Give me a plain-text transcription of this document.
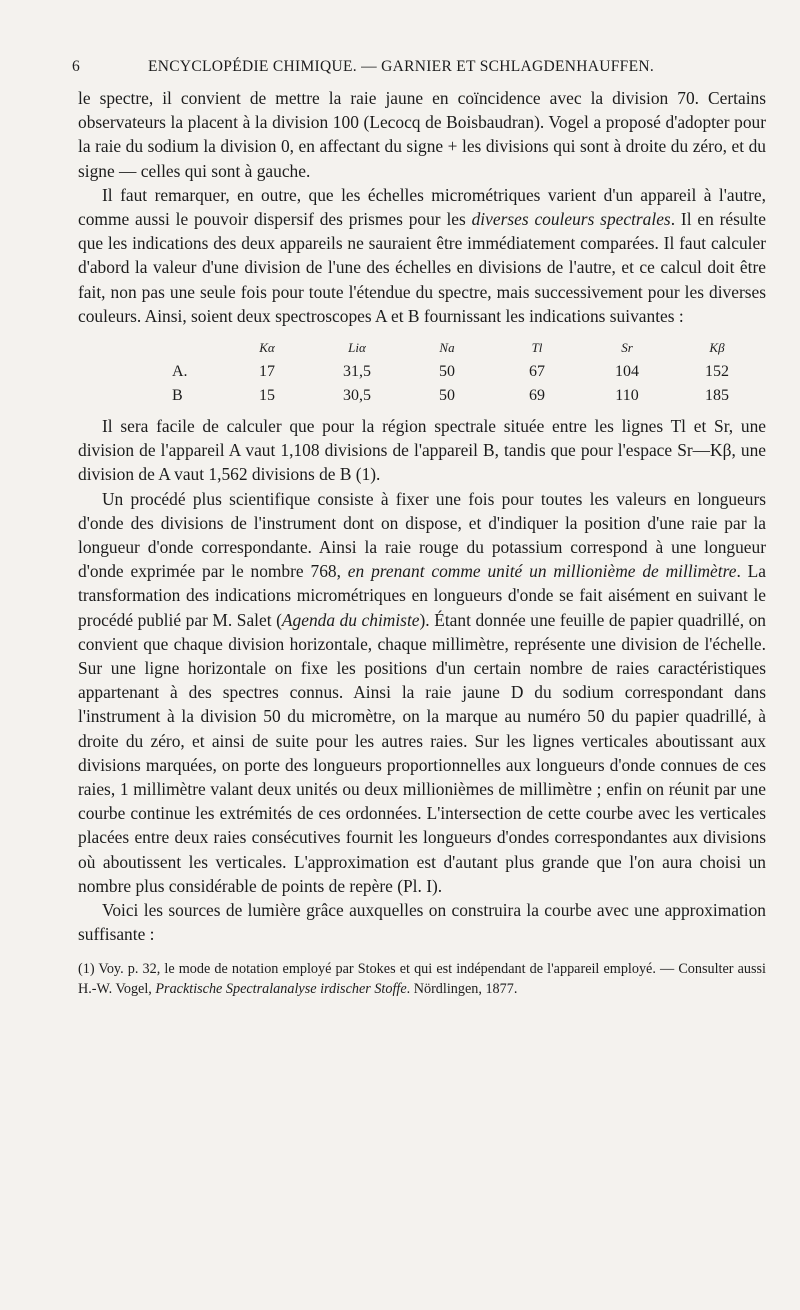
6	ENCYCLOPÉDIE CHIMIQUE. — GARNIER ET SCHLAGDENHAUFFEN.

le spectre, il convient de mettre la raie jaune en coïncidence avec la division 70. Certains observateurs la placent à la division 100 (Lecocq de Boisbaudran). Vogel a proposé d'adopter pour la raie du sodium la division 0, en affectant du signe + les divisions qui sont à droite du zéro, et du signe — celles qui sont à gauche.

Il faut remarquer, en outre, que les échelles micrométriques varient d'un appareil à l'autre, comme aussi le pouvoir dispersif des prismes pour les diverses couleurs spectrales. Il en résulte que les indications des deux appareils ne sauraient être immédiatement comparées. Il faut calculer d'abord la valeur d'une division de l'une des échelles en divisions de l'autre, et ce calcul doit être fait, non pas une seule fois pour toute l'étendue du spectre, mais successivement pour les diverses couleurs. Ainsi, soient deux spectroscopes A et B fournissant les indications suivantes :

	Kα	Liα	Na	Tl	Sr	Kβ
A.	17	31,5	50	67	104	152
B	15	30,5	50	69	110	185

Il sera facile de calculer que pour la région spectrale située entre les lignes Tl et Sr, une division de l'appareil A vaut 1,108 divisions de l'appareil B, tandis que pour l'espace Sr—Kβ, une division de A vaut 1,562 divisions de B (1).

Un procédé plus scientifique consiste à fixer une fois pour toutes les valeurs en longueurs d'onde des divisions de l'instrument dont on dispose, et d'indiquer la position d'une raie par la longueur d'onde correspondante. Ainsi la raie rouge du potassium correspond à une longueur d'onde exprimée par le nombre 768, en prenant comme unité un millionième de millimètre. La transformation des indications micrométriques en longueurs d'onde se fait aisément en suivant le procédé publié par M. Salet (Agenda du chimiste). Étant donnée une feuille de papier quadrillé, on convient que chaque division horizontale, chaque millimètre, représente une division de l'échelle. Sur une ligne horizontale on fixe les positions d'un certain nombre de raies caractéristiques appartenant à des spectres connus. Ainsi la raie jaune D du sodium correspondant dans l'instrument à la division 50 du micromètre, on la marque au numéro 50 du papier quadrillé, à droite du zéro, et ainsi de suite pour les autres raies. Sur les lignes verticales aboutissant aux divisions marquées, on porte des longueurs proportionnelles aux longueurs d'onde connues de ces raies, 1 millimètre valant deux unités ou deux millionièmes de millimètre ; enfin on réunit par une courbe continue les extrémités de ces ordonnées. L'intersection de cette courbe avec les verticales placées entre deux raies consécutives fournit les longueurs d'ondes correspondantes aux divisions où aboutissent les verticales. L'approximation est d'autant plus grande que l'on aura choisi un nombre plus considérable de points de repère (Pl. I).

Voici les sources de lumière grâce auxquelles on construira la courbe avec une approximation suffisante :

(1) Voy. p. 32, le mode de notation employé par Stokes et qui est indépendant de l'appareil employé. — Consulter aussi H.-W. Vogel, Pracktische Spectralanalyse irdischer Stoffe. Nördlingen, 1877.
